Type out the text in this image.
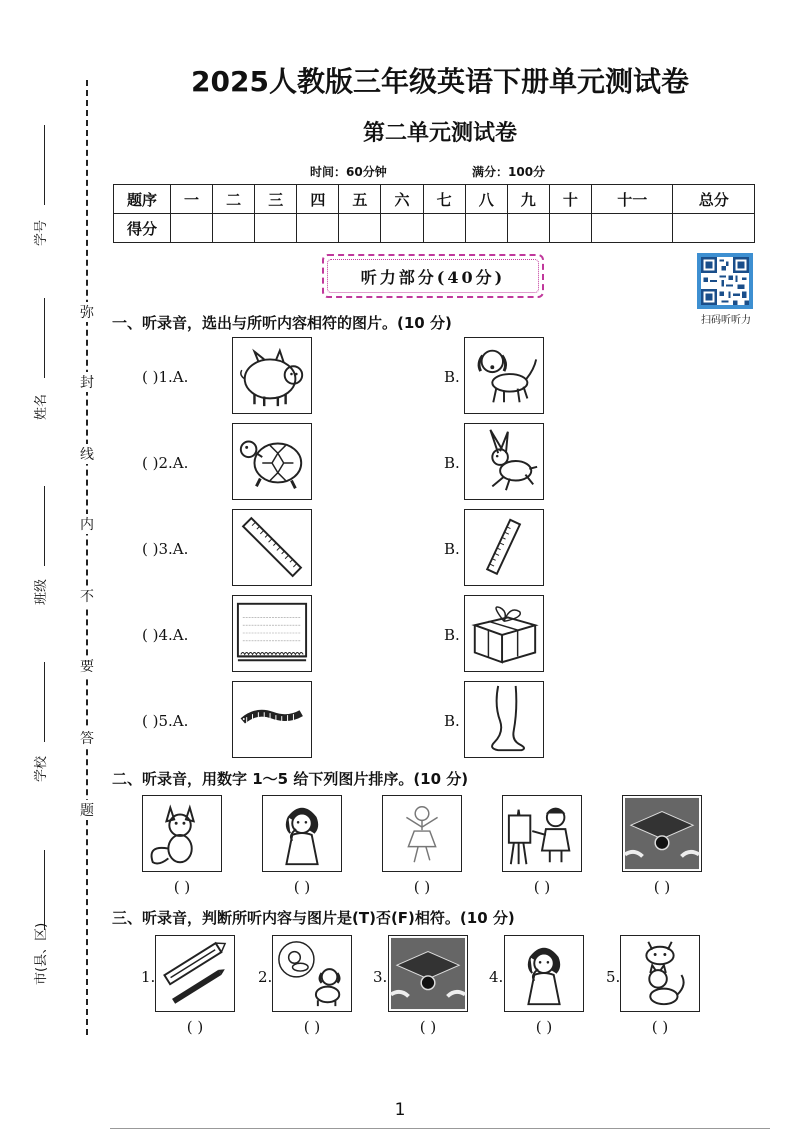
学号
姓名
班级
学校
市(县、区)
弥
封
线
内
不
要
答
题
2025人教版三年级英语下册单元测试卷
第二单元测试卷
时间：60分钟	满分：100分
题序	一	二	三	四	五	六	七	八	九	十	十一	总分
得分												
听力部分(40分)
扫码听听力
一、听录音，选出与所听内容相符的图片。(10 分)
( )1.A.	B.
( )2.A.	B.
( )3.A.	B.
( )4.A.	B.
( )5.A.	B.
二、听录音，用数字 1～5 给下列图片排序。(10 分)
( )	( )	( )	( )	( )
三、听录音，判断所听内容与图片是(T)否(F)相符。(10 分)
1.	2.	3.	4.	5.
( )	( )	( )	( )	( )
1
